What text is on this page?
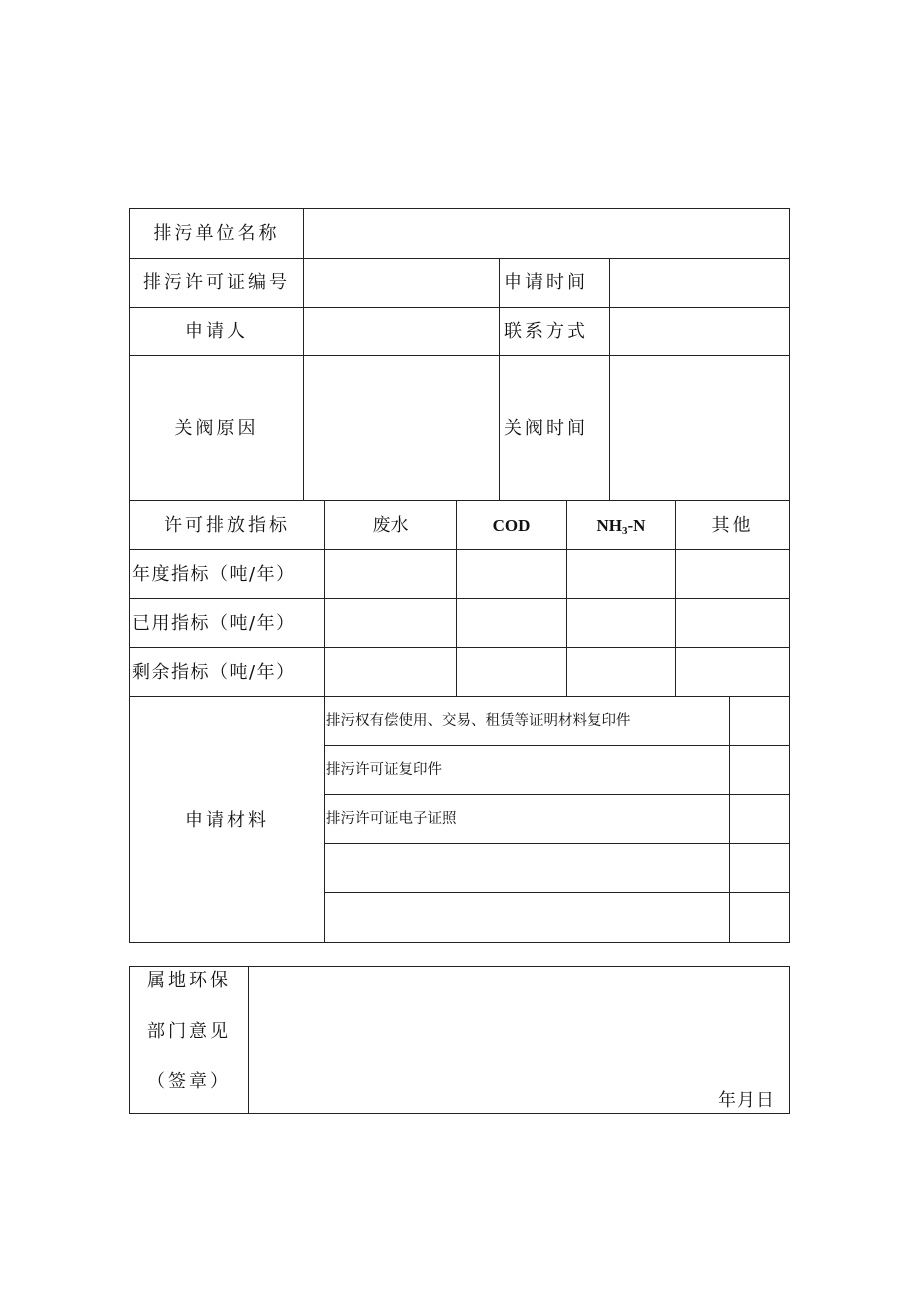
排污单位名称
排污许可证编号	申请时间
申请人	联系方式
关阀原因	关阀时间
许可排放指标	废水	COD	$NH_3-N$	其他
年度指标（吨/年）
已用指标（吨/年）
剩余指标（吨/年）
申请材料
排污权有偿使用、交易、租赁等证明材料复印件
排污许可证复印件
排污许可证电子证照
属地环保
部门意见
（签章）
年月日
